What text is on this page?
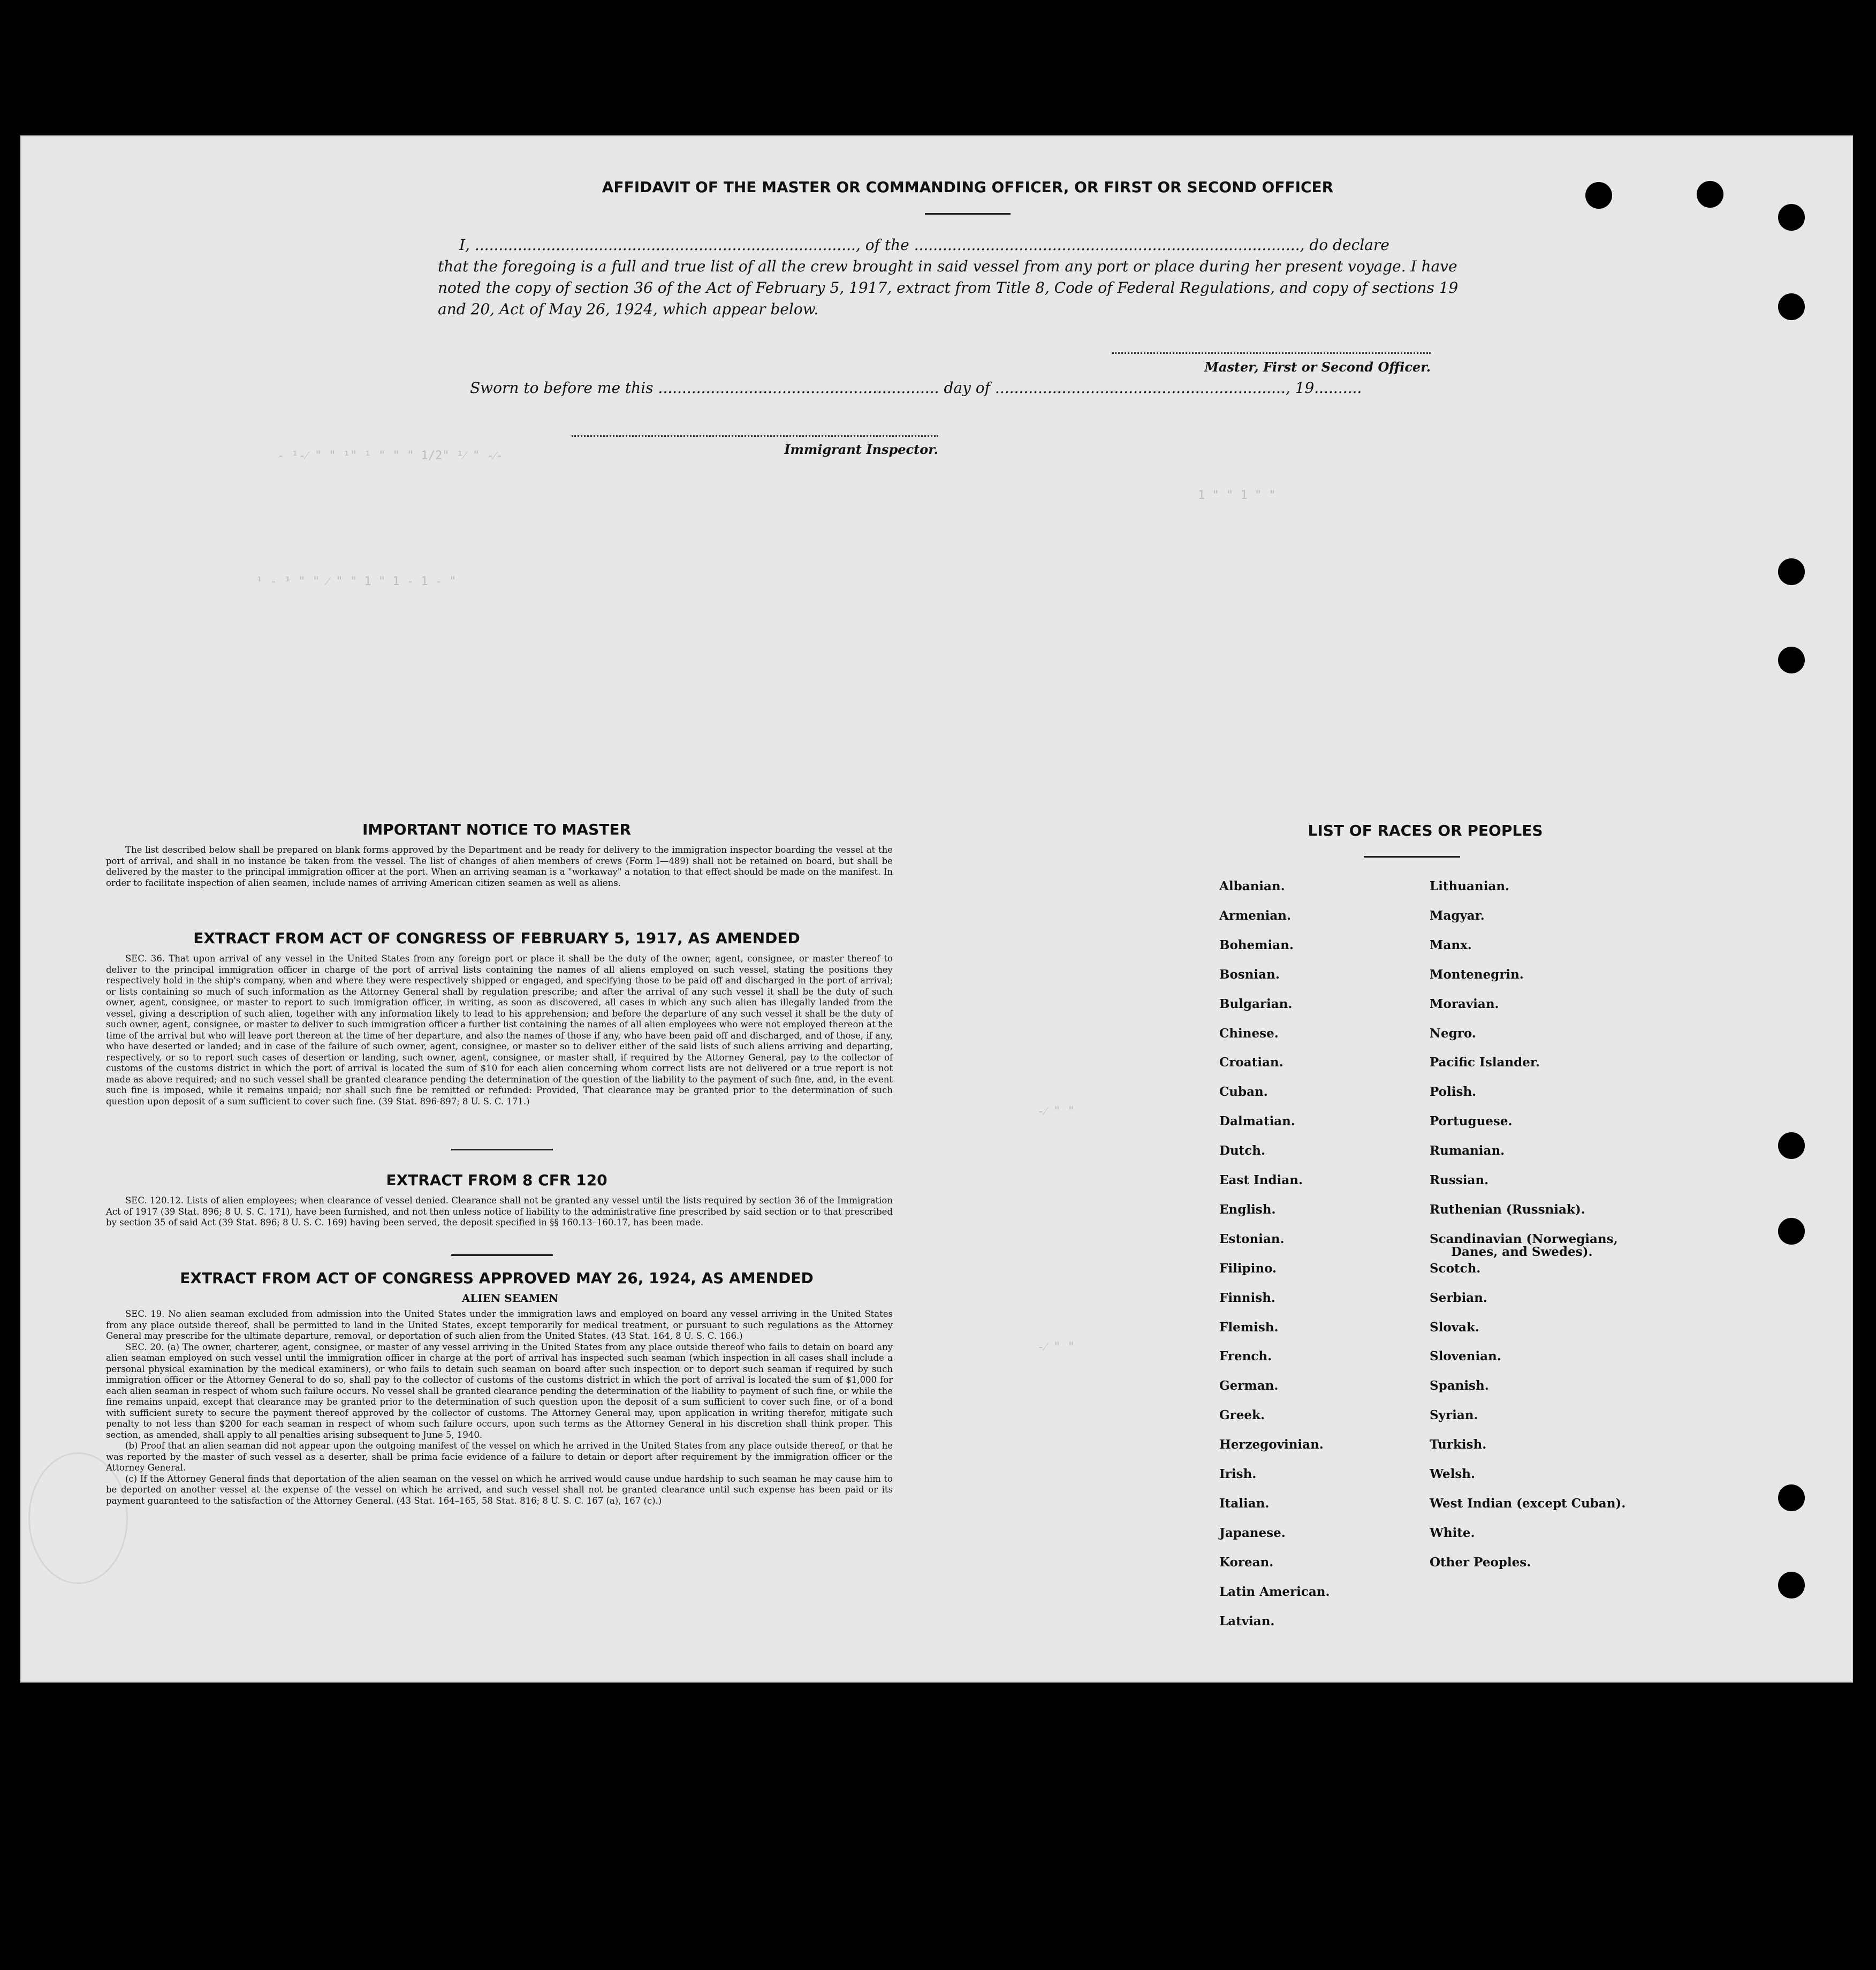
- ¹-⁄ " " ¹" ¹ " " " 1/2" ¹⁄ " -⁄-
¹ - ¹ " " ⁄ " " 1 " 1 - 1 - "
1 " " 1 " "
-⁄ " "
-⁄ " "
AFFIDAVIT OF THE MASTER OR COMMANDING OFFICER, OR FIRST OR SECOND OFFICER
I, ................................................................................, of the ................................................................................., do declare
that the foregoing is a full and true list of all the crew brought in said vessel from any port or place during her present voyage. I have noted the copy of section 36 of the Act of February 5, 1917, extract from Title 8, Code of Federal Regulations, and copy of sections 19 and 20, Act of May 26, 1924, which appear below.
Master, First or Second Officer.
Sworn to before me this ........................................................... day of ............................................................., 19..........
Immigrant Inspector.
IMPORTANT NOTICE TO MASTER
The list described below shall be prepared on blank forms approved by the Department and be ready for delivery to the immigration inspector boarding the vessel at the port of arrival, and shall in no instance be taken from the vessel. The list of changes of alien members of crews (Form I—489) shall not be retained on board, but shall be delivered by the master to the principal immigration officer at the port. When an arriving seaman is a "workaway" a notation to that effect should be made on the manifest. In order to facilitate inspection of alien seamen, include names of arriving American citizen seamen as well as aliens.
EXTRACT FROM ACT OF CONGRESS OF FEBRUARY 5, 1917, AS AMENDED
SEC. 36. That upon arrival of any vessel in the United States from any foreign port or place it shall be the duty of the owner, agent, consignee, or master thereof to deliver to the principal immigration officer in charge of the port of arrival lists containing the names of all aliens employed on such vessel, stating the positions they respectively hold in the ship's company, when and where they were respectively shipped or engaged, and specifying those to be paid off and discharged in the port of arrival; or lists containing so much of such information as the Attorney General shall by regulation prescribe; and after the arrival of any such vessel it shall be the duty of such owner, agent, consignee, or master to report to such immigration officer, in writing, as soon as discovered, all cases in which any such alien has illegally landed from the vessel, giving a description of such alien, together with any information likely to lead to his apprehension; and before the departure of any such vessel it shall be the duty of such owner, agent, consignee, or master to deliver to such immigration officer a further list containing the names of all alien employees who were not employed thereon at the time of the arrival but who will leave port thereon at the time of her departure, and also the names of those if any, who have been paid off and discharged, and of those, if any, who have deserted or landed; and in case of the failure of such owner, agent, consignee, or master so to deliver either of the said lists of such aliens arriving and departing, respectively, or so to report such cases of desertion or landing, such owner, agent, consignee, or master shall, if required by the Attorney General, pay to the collector of customs of the customs district in which the port of arrival is located the sum of $10 for each alien concerning whom correct lists are not delivered or a true report is not made as above required; and no such vessel shall be granted clearance pending the determination of the question of the liability to the payment of such fine, and, in the event such fine is imposed, while it remains unpaid; nor shall such fine be remitted or refunded: Provided, That clearance may be granted prior to the determination of such question upon deposit of a sum sufficient to cover such fine. (39 Stat. 896-897; 8 U. S. C. 171.)
EXTRACT FROM 8 CFR 120
SEC. 120.12. Lists of alien employees; when clearance of vessel denied. Clearance shall not be granted any vessel until the lists required by section 36 of the Immigration Act of 1917 (39 Stat. 896; 8 U. S. C. 171), have been furnished, and not then unless notice of liability to the administrative fine prescribed by said section or to that prescribed by section 35 of said Act (39 Stat. 896; 8 U. S. C. 169) having been served, the deposit specified in §§ 160.13–160.17, has been made.
EXTRACT FROM ACT OF CONGRESS APPROVED MAY 26, 1924, AS AMENDED
ALIEN SEAMEN

SEC. 19. No alien seaman excluded from admission into the United States under the immigration laws and employed on board any vessel arriving in the United States from any place outside thereof, shall be permitted to land in the United States, except temporarily for medical treatment, or pursuant to such regulations as the Attorney General may prescribe for the ultimate departure, removal, or deportation of such alien from the United States. (43 Stat. 164, 8 U. S. C. 166.)

SEC. 20. (a) The owner, charterer, agent, consignee, or master of any vessel arriving in the United States from any place outside thereof who fails to detain on board any alien seaman employed on such vessel until the immigration officer in charge at the port of arrival has inspected such seaman (which inspection in all cases shall include a personal physical examination by the medical examiners), or who fails to detain such seaman on board after such inspection or to deport such seaman if required by such immigration officer or the Attorney General to do so, shall pay to the collector of customs of the customs district in which the port of arrival is located the sum of $1,000 for each alien seaman in respect of whom such failure occurs. No vessel shall be granted clearance pending the determination of the liability to payment of such fine, or while the fine remains unpaid, except that clearance may be granted prior to the determination of such question upon the deposit of a sum sufficient to cover such fine, or of a bond with sufficient surety to secure the payment thereof approved by the collector of customs. The Attorney General may, upon application in writing therefor, mitigate such penalty to not less than $200 for each seaman in respect of whom such failure occurs, upon such terms as the Attorney General in his discretion shall think proper. This section, as amended, shall apply to all penalties arising subsequent to June 5, 1940.

(b) Proof that an alien seaman did not appear upon the outgoing manifest of the vessel on which he arrived in the United States from any place outside thereof, or that he was reported by the master of such vessel as a deserter, shall be prima facie evidence of a failure to detain or deport after requirement by the immigration officer or the Attorney General.

(c) If the Attorney General finds that deportation of the alien seaman on the vessel on which he arrived would cause undue hardship to such seaman he may cause him to be deported on another vessel at the expense of the vessel on which he arrived, and such vessel shall not be granted clearance until such expense has been paid or its payment guaranteed to the satisfaction of the Attorney General. (43 Stat. 164–165, 58 Stat. 816; 8 U. S. C. 167 (a), 167 (c).)

LIST OF RACES OR PEOPLES
Albanian.
Armenian.
Bohemian.
Bosnian.
Bulgarian.
Chinese.
Croatian.
Cuban.
Dalmatian.
Dutch.
East Indian.
English.
Estonian.
Filipino.
Finnish.
Flemish.
French.
German.
Greek.
Herzegovinian.
Irish.
Italian.
Japanese.
Korean.
Latin American.
Latvian.
Lithuanian.
Magyar.
Manx.
Montenegrin.
Moravian.
Negro.
Pacific Islander.
Polish.
Portuguese.
Rumanian.
Russian.
Ruthenian (Russniak).
Scandinavian (Norwegians,
Danes, and Swedes).
Scotch.
Serbian.
Slovak.
Slovenian.
Spanish.
Syrian.
Turkish.
Welsh.
West Indian (except Cuban).
White.
Other Peoples.
